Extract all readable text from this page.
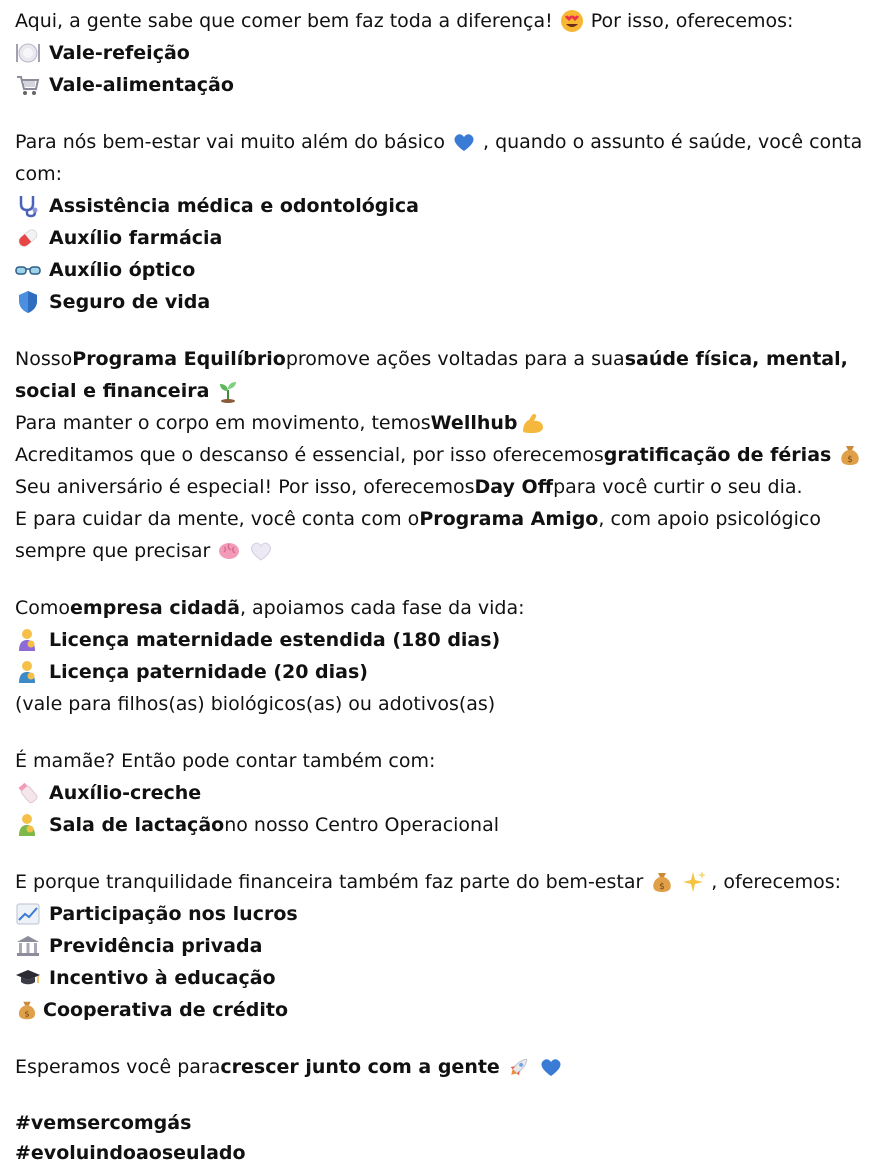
Aqui, a gente sabe que comer bem faz toda a diferença! Por isso, oferecemos:
Vale-refeição
Vale-alimentação
Para nós bem-estar vai muito além do básico , quando o assunto é saúde, você conta
com:
Assistência médica e odontológica
Auxílio farmácia
Auxílio óptico
Seguro de vida
Nosso Programa Equilíbrio promove ações voltadas para a sua saúde física, mental,
social e financeira
Para manter o corpo em movimento, temos Wellhub
Acreditamos que o descanso é essencial, por isso oferecemos gratificação de férias $
Seu aniversário é especial! Por isso, oferecemos Day Off para você curtir o seu dia.
E para cuidar da mente, você conta com o Programa Amigo , com apoio psicológico
sempre que precisar
Como empresa cidadã , apoiamos cada fase da vida:
Licença maternidade estendida (180 dias)
Licença paternidade (20 dias)
(vale para filhos(as) biológicos(as) ou adotivos(as)
É mamãe? Então pode contar também com:
Auxílio-creche
Sala de lactação no nosso Centro Operacional
E porque tranquilidade financeira também faz parte do bem-estar $ , oferecemos:
Participação nos lucros
Previdência privada
Incentivo à educação
$ Cooperativa de crédito
Esperamos você para crescer junto com a gente
#vemsercomgás
#evoluindoaoseulado
